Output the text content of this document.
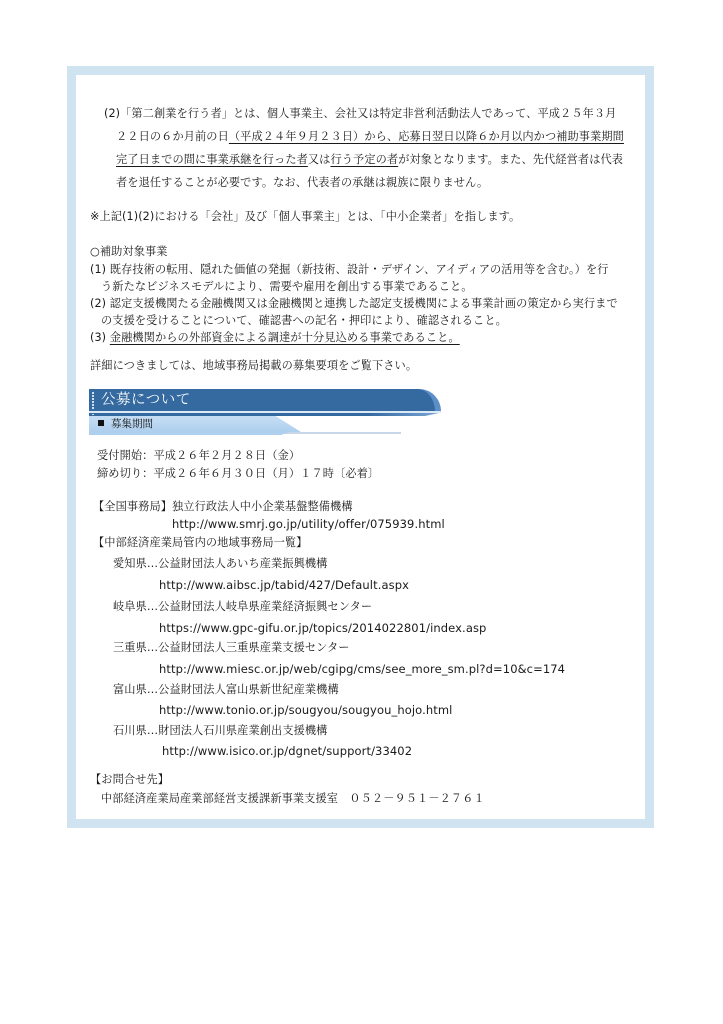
(2)「第二創業を行う者」とは、個人事業主、会社又は特定非営利活動法人であって、平成２５年３月
２２日の６か月前の日（平成２４年９月２３日）から、応募日翌日以降６か月以内かつ補助事業期間
完了日までの間に事業承継を行った者又は行う予定の者が対象となります。また、先代経営者は代表
者を退任することが必要です。なお、代表者の承継は親族に限りません。
※上記(1)(2)における「会社」及び「個人事業主」とは、「中小企業者」を指します。
○補助対象事業
(1) 既存技術の転用、隠れた価値の発掘（新技術、設計・デザイン、アイディアの活用等を含む。）を行
う新たなビジネスモデルにより、需要や雇用を創出する事業であること。
(2) 認定支援機関たる金融機関又は金融機関と連携した認定支援機関による事業計画の策定から実行まで
の支援を受けることについて、確認書への記名・押印により、確認されること。
(3) 金融機関からの外部資金による調達が十分見込める事業であること。
詳細につきましては、地域事務局掲載の募集要項をご覧下さい。
公募について
募集期間
受付開始：平成２６年２月２８日（金）
締め切り：平成２６年６月３０日（月）１７時〔必着〕
【全国事務局】独立行政法人中小企業基盤整備機構
http://www.smrj.go.jp/utility/offer/075939.html
【中部経済産業局管内の地域事務局一覧】
愛知県…公益財団法人あいち産業振興機構
http://www.aibsc.jp/tabid/427/Default.aspx
岐阜県…公益財団法人岐阜県産業経済振興センター
https://www.gpc-gifu.or.jp/topics/2014022801/index.asp
三重県…公益財団法人三重県産業支援センター
http://www.miesc.or.jp/web/cgipg/cms/see_more_sm.pl?d=10&c=174
富山県…公益財団法人富山県新世紀産業機構
http://www.tonio.or.jp/sougyou/sougyou_hojo.html
石川県…財団法人石川県産業創出支援機構
http://www.isico.or.jp/dgnet/support/33402
【お問合せ先】
中部経済産業局産業部経営支援課新事業支援室　０５２－９５１－２７６１
